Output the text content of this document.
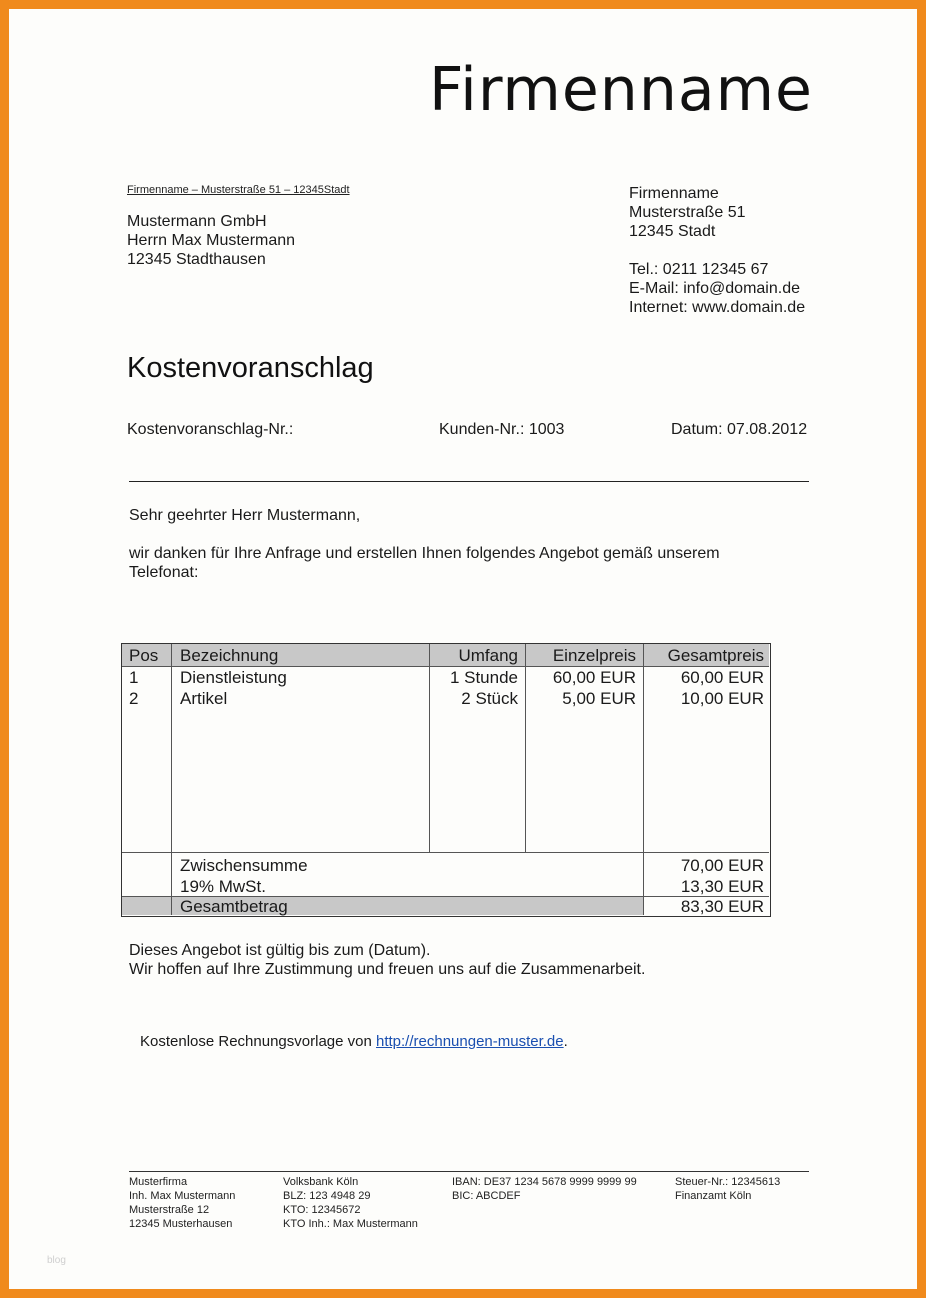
Firmenname
Firmenname – Musterstraße 51 – 12345Stadt
Mustermann GmbH
Herrn Max Mustermann
12345 Stadthausen
Firmenname
Musterstraße 51
12345 Stadt
Tel.: 0211 12345 67
E-Mail: info@domain.de
Internet: www.domain.de
Kostenvoranschlag
Kostenvoranschlag-Nr.:	Kunden-Nr.: 1003	Datum: 07.08.2012
Sehr geehrter Herr Mustermann,
wir danken für Ihre Anfrage und erstellen Ihnen folgendes Angebot gemäß unserem
Telefonat:
Pos Bezeichnung	Umfang	Einzelpreis	Gesamtpreis
1 Dienstleistung	1 Stunde	60,00 EUR	60,00 EUR
2 Artikel	2 Stück	5,00 EUR	10,00 EUR
Zwischensumme	70,00 EUR
19% MwSt.	13,30 EUR
Gesamtbetrag	83,30 EUR
Dieses Angebot ist gültig bis zum (Datum).
Wir hoffen auf Ihre Zustimmung und freuen uns auf die Zusammenarbeit.
Kostenlose Rechnungsvorlage von http://rechnungen-muster.de.
Musterfirma
Inh. Max Mustermann
Musterstraße 12
12345 Musterhausen
Volksbank Köln
BLZ: 123 4948 29
KTO: 12345672
KTO Inh.: Max Mustermann
IBAN: DE37 1234 5678 9999 9999 99
BIC: ABCDEF
Steuer-Nr.: 12345613
Finanzamt Köln
blog
